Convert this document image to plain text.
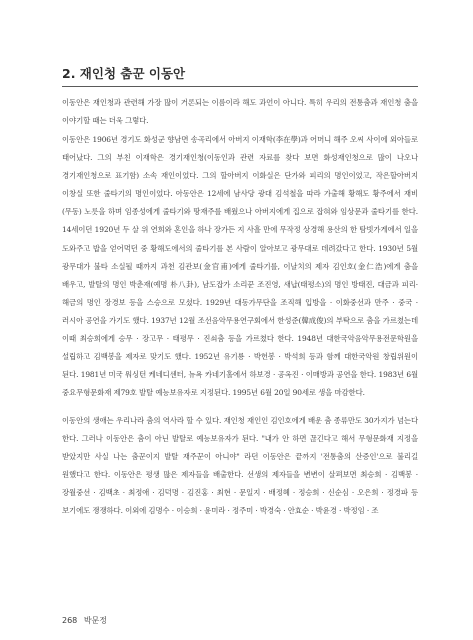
2. 재인청 춤꾼 이동안

이동안은 재인청과 관련해 가장 많이 거론되는 이름이라 해도 과언이 아니다. 특히 우리의 전통춤과 재인청 춤을 이야기할 때는 더욱 그렇다.

이동안은 1906년 경기도 화성군 향남면 송곡리에서 아버지 이재학(李在學)과 어머니 해주 오씨 사이에 외아들로 태어났다. 그의 부친 이재학은 경기재인청(이동인과 관련 자료를 찾다 보면 화성재인청으로 많이 나오나 경기재인청으로 표기함) 소속 재인이었다. 그의 할아버지 이화실은 단가와 피리의 명인이었고, 작은할아버지 이창실 또한 줄타기의 명인이었다. 아동안은 12세에 남사당 광대 김석철을 따라 가출해 황해도 황주에서 재비(무동) 노릇을 하며 임종성에게 줄타기와 땅재주를 배웠으나 아버지에게 집으로 잡혀와 임상문과 줄타기를 한다. 14세이던 1920년 두 살 위 연희와 혼인을 하나 장가든 지 사흘 만에 무작정 상경해 용산의 한 탐빗가게에서 일을 도와주고 밥을 얻어먹던 중 황해도에서의 줄타기를 본 사람이 알아보고 광무대로 데려갔다고 한다. 1930년 5월 광무대가 불타 소실될 때까지 과천 김관보(金官甫)에게 줄타기를, 이날치의 제자 김인호(金仁浩)에게 춤을 배우고, 발탈의 명인 박춘재(예명 朴八卦), 남도잡가 소리꾼 조진영, 새납(태평소)의 명인 방태진, 대금과 피리·해금의 명인 장경보 등을 스승으로 모셨다. 1929년 대동가무단을 조직해 입방을 · 이화중선과 만주 · 중국 · 러시아 공연을 가기도 했다. 1937년 12월 조선음악무용연구회에서 한성준(韓成俊)의 부탁으로 춤을 가르쳤는데 이때 최승희에게 승무 · 장고무 · 태평무 · 진쇠춤 등을 가르쳤다 한다. 1948년 대한국악음악무용전문학원을 설립하고 김백봉을 제자로 맞기도 했다. 1952년 유기룡 · 박헌봉 · 박석희 등과 함께 대한국악원 창립위원이 된다. 1981년 미국 워싱턴 케네디센터, 뉴욕 카네기홀에서 하보경 · 공옥진 · 이매방과 공연을 한다. 1983년 6월 중요무형문화재 제79호 발탈 예능보유자로 지정된다. 1995년 6월 20일 90세로 생을 마감한다.

이동안의 생애는 우리나라 춤의 역사라 할 수 있다. 재인청 재인인 김인호에게 배운 춤 종류만도 30가지가 넘는다 한다. 그러나 이동안은 춤이 아닌 발탈로 예능보유자가 된다. "내가 안 하면 끊긴다고 해서 무형문화재 지정을 받았지만 사실 나는 춤꾼이지 발탈 재주꾼이 아니야" 라던 이동안은 끝까지 '전통춤의 산증인'으로 불리길 원했다고 한다. 이동안은 평생 많은 제자들을 배출한다. 선생의 제자들을 변변이 살펴보면 최승희 · 김백봉 · 장월중선 · 김백초 · 최정애 · 김덕명 · 김진홍 · 최현 · 문일지 · 배정혜 · 정승희 · 신순심 · 오은희 · 정경파 등 보기에도 쟁쟁하다. 이외에 김명수 · 이승희 · 윤미라 · 정주미 · 박경숙 · 안효순 · 박윤경 · 박정임 · 조

268 박문정
